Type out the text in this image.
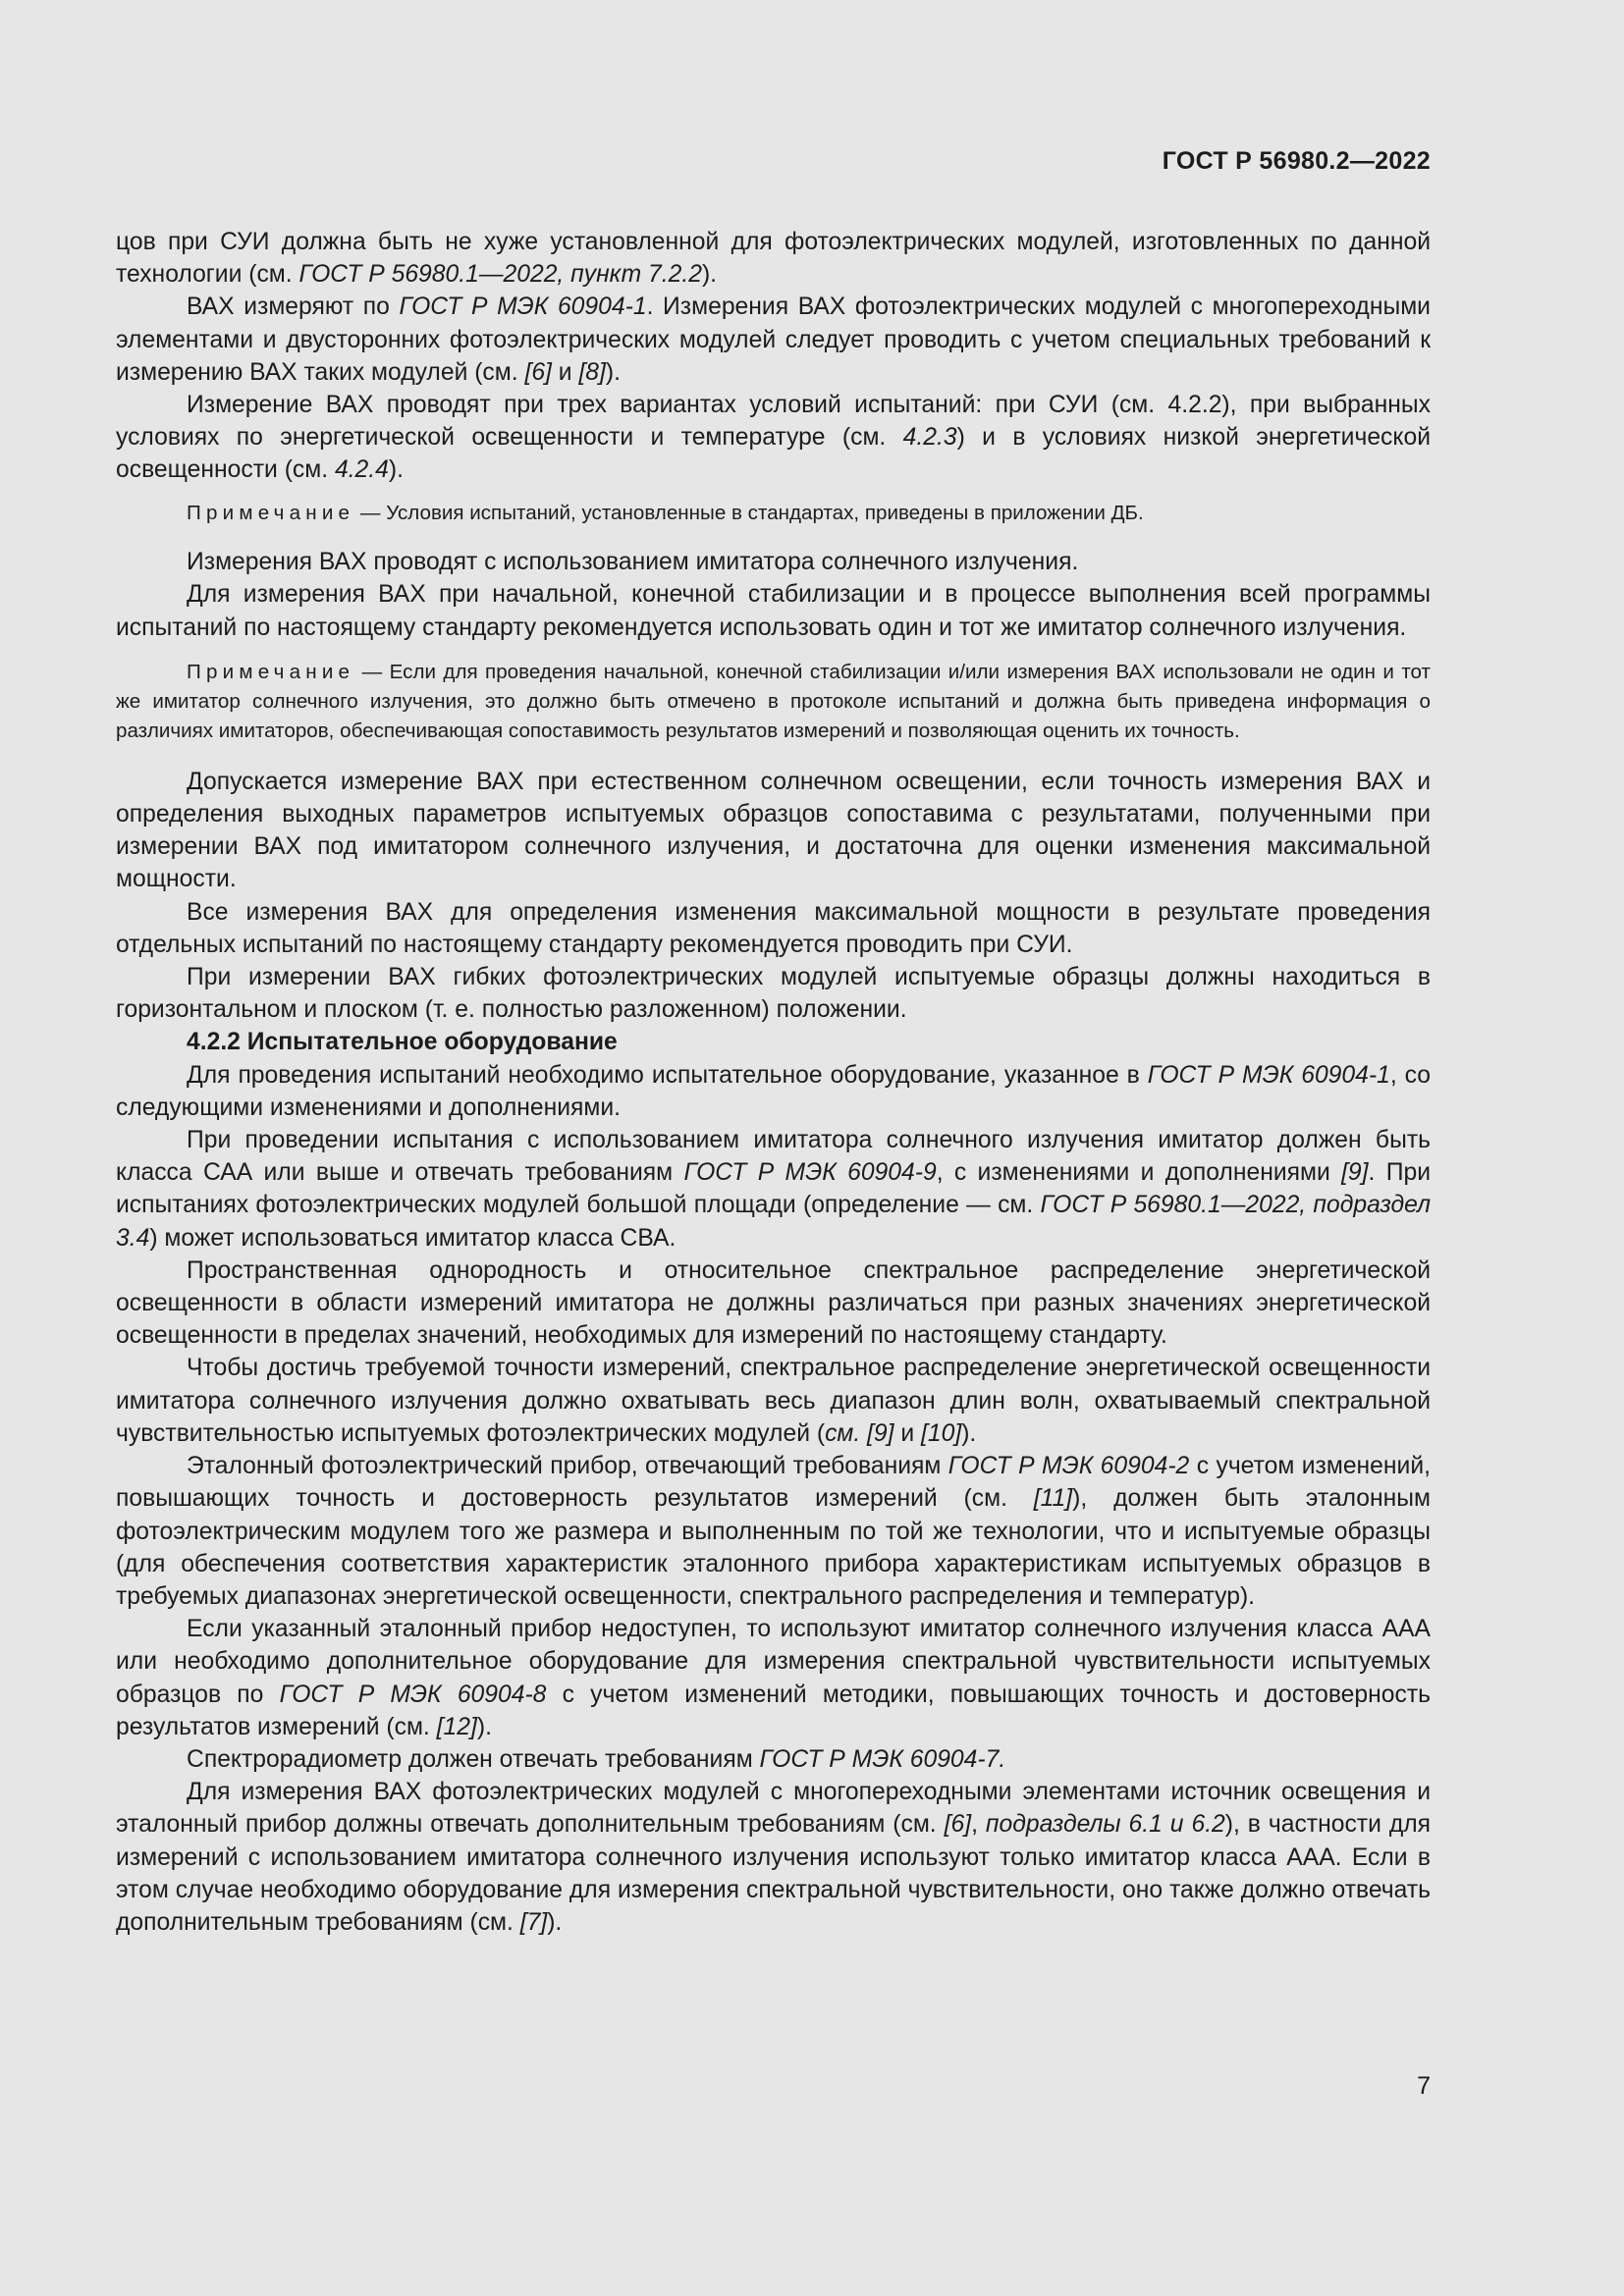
ГОСТ Р 56980.2—2022

цов при СУИ должна быть не хуже установленной для фотоэлектрических модулей, изготовленных по данной технологии (см. ГОСТ Р 56980.1—2022, пункт 7.2.2).

ВАХ измеряют по ГОСТ Р МЭК 60904-1. Измерения ВАХ фотоэлектрических модулей с многопереходными элементами и двусторонних фотоэлектрических модулей следует проводить с учетом специальных требований к измерению ВАХ таких модулей (см. [6] и [8]).

Измерение ВАХ проводят при трех вариантах условий испытаний: при СУИ (см. 4.2.2), при выбранных условиях по энергетической освещенности и температуре (см. 4.2.3) и в условиях низкой энергетической освещенности (см. 4.2.4).

Примечание — Условия испытаний, установленные в стандартах, приведены в приложении ДБ.

Измерения ВАХ проводят с использованием имитатора солнечного излучения.

Для измерения ВАХ при начальной, конечной стабилизации и в процессе выполнения всей программы испытаний по настоящему стандарту рекомендуется использовать один и тот же имитатор солнечного излучения.

Примечание — Если для проведения начальной, конечной стабилизации и/или измерения ВАХ использовали не один и тот же имитатор солнечного излучения, это должно быть отмечено в протоколе испытаний и должна быть приведена информация о различиях имитаторов, обеспечивающая сопоставимость результатов измерений и позволяющая оценить их точность.

Допускается измерение ВАХ при естественном солнечном освещении, если точность измерения ВАХ и определения выходных параметров испытуемых образцов сопоставима с результатами, полученными при измерении ВАХ под имитатором солнечного излучения, и достаточна для оценки изменения максимальной мощности.

Все измерения ВАХ для определения изменения максимальной мощности в результате проведения отдельных испытаний по настоящему стандарту рекомендуется проводить при СУИ.

При измерении ВАХ гибких фотоэлектрических модулей испытуемые образцы должны находиться в горизонтальном и плоском (т. е. полностью разложенном) положении.

4.2.2 Испытательное оборудование

Для проведения испытаний необходимо испытательное оборудование, указанное в ГОСТ Р МЭК 60904-1, со следующими изменениями и дополнениями.

При проведении испытания с использованием имитатора солнечного излучения имитатор должен быть класса САА или выше и отвечать требованиям ГОСТ Р МЭК 60904-9, с изменениями и дополнениями [9]. При испытаниях фотоэлектрических модулей большой площади (определение — см. ГОСТ Р 56980.1—2022, подраздел 3.4) может использоваться имитатор класса СВА.

Пространственная однородность и относительное спектральное распределение энергетической освещенности в области измерений имитатора не должны различаться при разных значениях энергетической освещенности в пределах значений, необходимых для измерений по настоящему стандарту.

Чтобы достичь требуемой точности измерений, спектральное распределение энергетической освещенности имитатора солнечного излучения должно охватывать весь диапазон длин волн, охватываемый спектральной чувствительностью испытуемых фотоэлектрических модулей (см. [9] и [10]).

Эталонный фотоэлектрический прибор, отвечающий требованиям ГОСТ Р МЭК 60904-2 с учетом изменений, повышающих точность и достоверность результатов измерений (см. [11]), должен быть эталонным фотоэлектрическим модулем того же размера и выполненным по той же технологии, что и испытуемые образцы (для обеспечения соответствия характеристик эталонного прибора характеристикам испытуемых образцов в требуемых диапазонах энергетической освещенности, спектрального распределения и температур).

Если указанный эталонный прибор недоступен, то используют имитатор солнечного излучения класса ААА или необходимо дополнительное оборудование для измерения спектральной чувствительности испытуемых образцов по ГОСТ Р МЭК 60904-8 с учетом изменений методики, повышающих точность и достоверность результатов измерений (см. [12]).

Спектрорадиометр должен отвечать требованиям ГОСТ Р МЭК 60904-7.

Для измерения ВАХ фотоэлектрических модулей с многопереходными элементами источник освещения и эталонный прибор должны отвечать дополнительным требованиям (см. [6], подразделы 6.1 и 6.2), в частности для измерений с использованием имитатора солнечного излучения используют только имитатор класса ААА. Если в этом случае необходимо оборудование для измерения спектральной чувствительности, оно также должно отвечать дополнительным требованиям (см. [7]).

7
